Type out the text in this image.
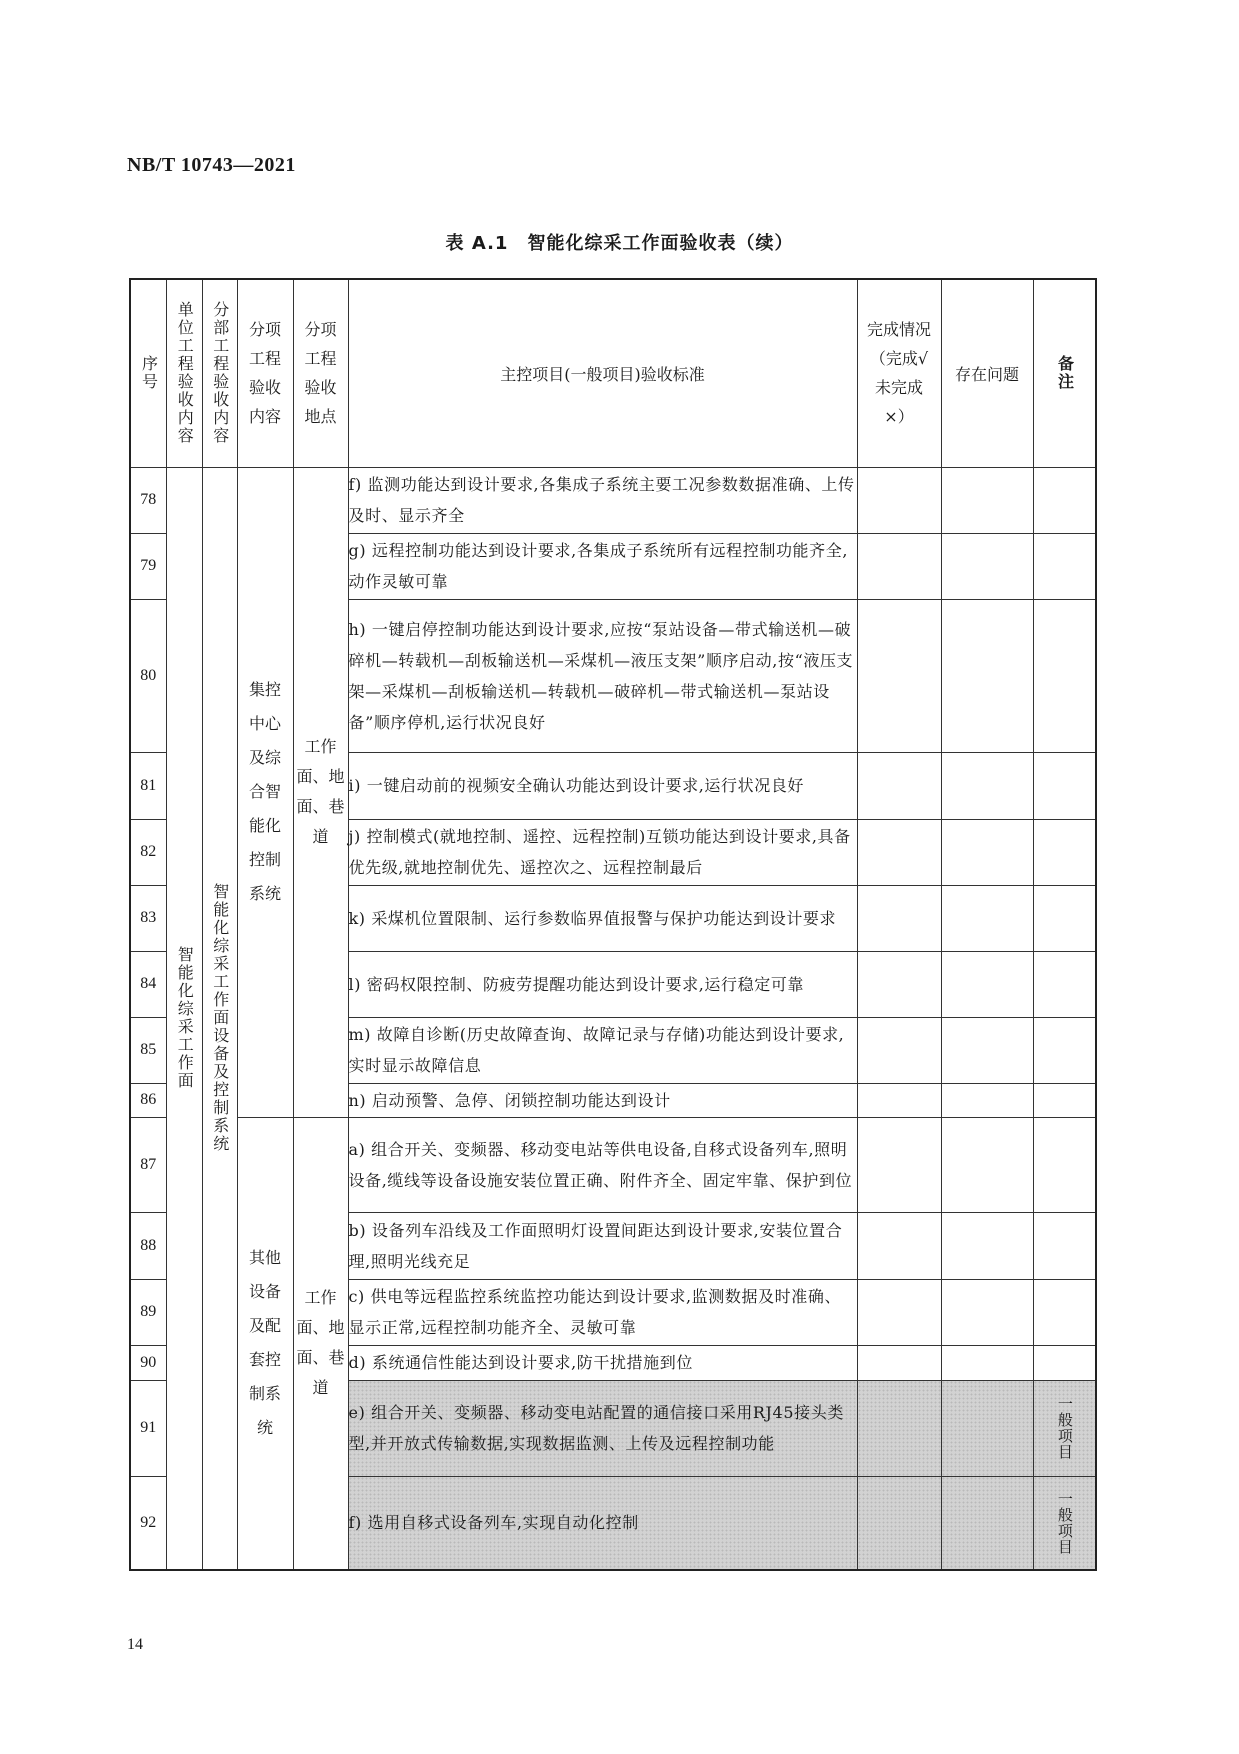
NB/T 10743—2021
表 A.1　智能化综采工作面验收表（续）
序号	单位工程验收内容	分部工程验收内容	分项工程验收内容	分项工程验收地点	主控项目(一般项目)验收标准	完成情况（完成√未完成×）	存在问题	备注

78	智能化综采工作面	智能化综采工作面设备及控制系统	集控中心及综合智能化控制系统	工作面、地面、巷道	f) 监测功能达到设计要求,各集成子系统主要工况参数数据准确、上传及时、显示齐全			

79					g) 远程控制功能达到设计要求,各集成子系统所有远程控制功能齐全,动作灵敏可靠			

80					h) 一键启停控制功能达到设计要求,应按“泵站设备—带式输送机—破碎机—转载机—刮板输送机—采煤机—液压支架”顺序启动,按“液压支架—采煤机—刮板输送机—转载机—破碎机—带式输送机—泵站设备”顺序停机,运行状况良好			

81					i) 一键启动前的视频安全确认功能达到设计要求,运行状况良好			

82					j) 控制模式(就地控制、遥控、远程控制)互锁功能达到设计要求,具备优先级,就地控制优先、遥控次之、远程控制最后			

83					k) 采煤机位置限制、运行参数临界值报警与保护功能达到设计要求			

84					l) 密码权限控制、防疲劳提醒功能达到设计要求,运行稳定可靠			

85					m) 故障自诊断(历史故障查询、故障记录与存储)功能达到设计要求,实时显示故障信息			

86					n) 启动预警、急停、闭锁控制功能达到设计			

87			其他设备及配套控制系统	工作面、地面、巷道	a) 组合开关、变频器、移动变电站等供电设备,自移式设备列车,照明设备,缆线等设备设施安装位置正确、附件齐全、固定牢靠、保护到位			

88					b) 设备列车沿线及工作面照明灯设置间距达到设计要求,安装位置合理,照明光线充足			

89					c) 供电等远程监控系统监控功能达到设计要求,监测数据及时准确、显示正常,远程控制功能齐全、灵敏可靠			

90					d) 系统通信性能达到设计要求,防干扰措施到位			

91					e) 组合开关、变频器、移动变电站配置的通信接口采用RJ45接头类型,并开放式传输数据,实现数据监测、上传及远程控制功能			一般项目

92					f) 选用自移式设备列车,实现自动化控制			一般项目
14
